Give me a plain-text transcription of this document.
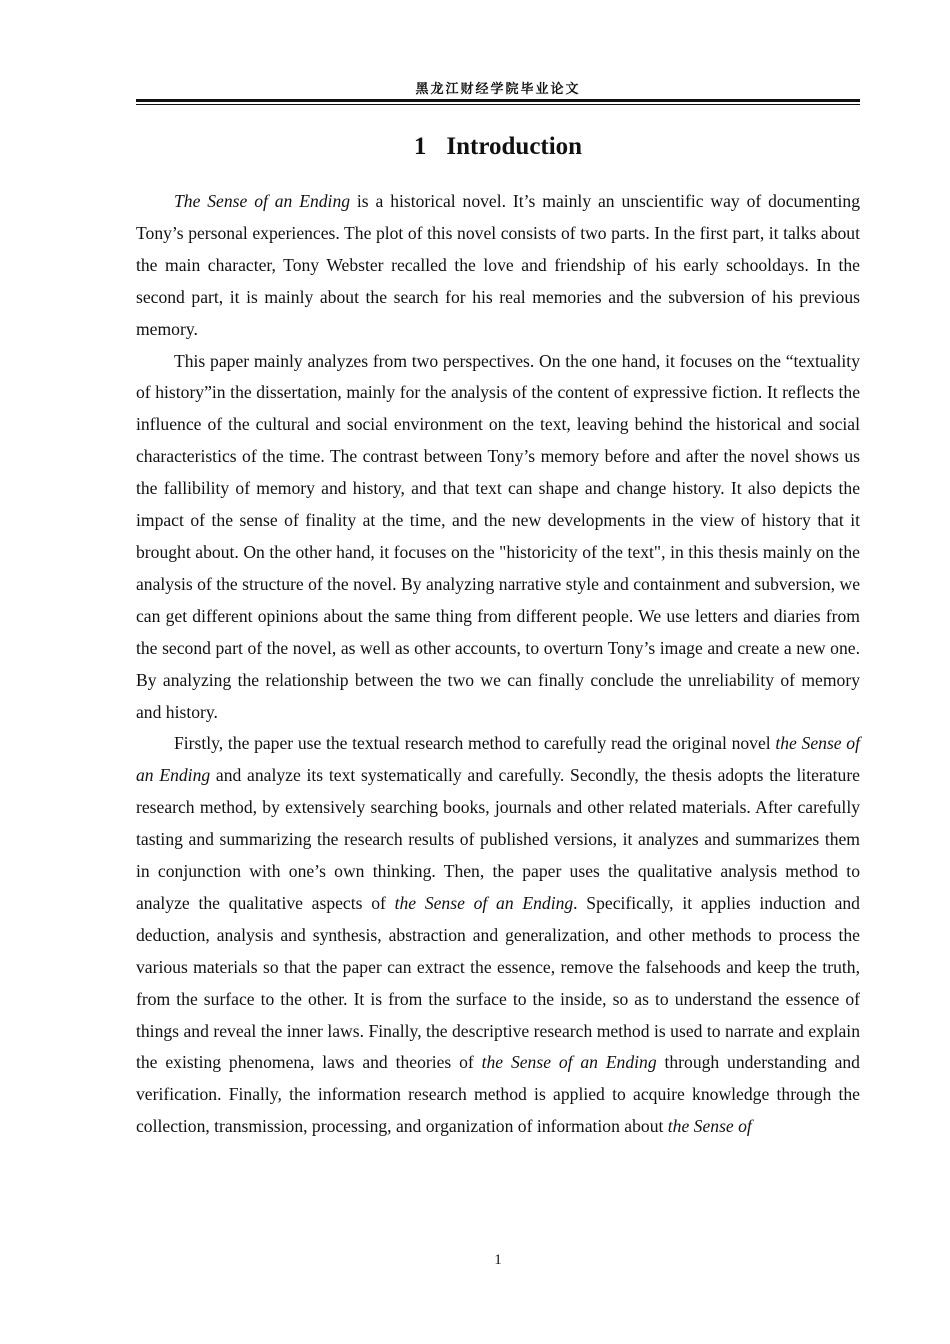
黑龙江财经学院毕业论文
1 Introduction

The Sense of an Ending is a historical novel. It’s mainly an unscientific way of documenting Tony’s personal experiences. The plot of this novel consists of two parts. In the first part, it talks about the main character, Tony Webster recalled the love and friendship of his early schooldays. In the second part, it is mainly about the search for his real memories and the subversion of his previous memory.

This paper mainly analyzes from two perspectives. On the one hand, it focuses on the “textuality of history”in the dissertation, mainly for the analysis of the content of expressive fiction. It reflects the influence of the cultural and social environment on the text, leaving behind the historical and social characteristics of the time. The contrast between Tony’s memory before and after the novel shows us the fallibility of memory and history, and that text can shape and change history. It also depicts the impact of the sense of finality at the time, and the new developments in the view of history that it brought about. On the other hand, it focuses on the "historicity of the text", in this thesis mainly on the analysis of the structure of the novel. By analyzing narrative style and containment and subversion, we can get different opinions about the same thing from different people. We use letters and diaries from the second part of the novel, as well as other accounts, to overturn Tony’s image and create a new one. By analyzing the relationship between the two we can finally conclude the unreliability of memory and history.

Firstly, the paper use the textual research method to carefully read the original novel the Sense of an Ending and analyze its text systematically and carefully. Secondly, the thesis adopts the literature research method, by extensively searching books, journals and other related materials. After carefully tasting and summarizing the research results of published versions, it analyzes and summarizes them in conjunction with one’s own thinking. Then, the paper uses the qualitative analysis method to analyze the qualitative aspects of the Sense of an Ending. Specifically, it applies induction and deduction, analysis and synthesis, abstraction and generalization, and other methods to process the various materials so that the paper can extract the essence, remove the falsehoods and keep the truth, from the surface to the other. It is from the surface to the inside, so as to understand the essence of things and reveal the inner laws. Finally, the descriptive research method is used to narrate and explain the existing phenomena, laws and theories of the Sense of an Ending through understanding and verification. Finally, the information research method is applied to acquire knowledge through the collection, transmission, processing, and organization of information about the Sense of

1
